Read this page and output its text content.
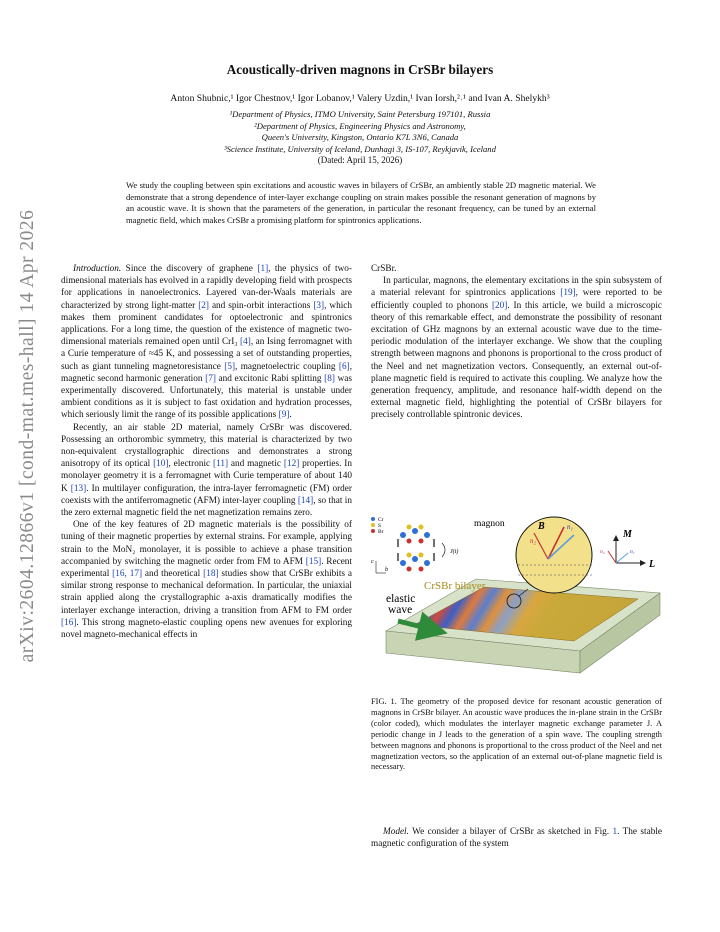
arXiv:2604.12866v1 [cond-mat.mes-hall] 14 Apr 2026
Acoustically-driven magnons in CrSBr bilayers
Anton Shubnic,¹ Igor Chestnov,¹ Igor Lobanov,¹ Valery Uzdin,¹ Ivan Iorsh,²˒¹ and Ivan A. Shelykh³
¹Department of Physics, ITMO University, Saint Petersburg 197101, Russia
²Department of Physics, Engineering Physics and Astronomy,
Queen's University, Kingston, Ontario K7L 3N6, Canada
³Science Institute, University of Iceland, Dunhagi 3, IS-107, Reykjavik, Iceland
(Dated: April 15, 2026)
We study the coupling between spin excitations and acoustic waves in bilayers of CrSBr, an ambiently stable 2D magnetic material. We demonstrate that a strong dependence of inter-layer exchange coupling on strain makes possible the resonant generation of magnons by an acoustic wave. It is shown that the parameters of the generation, in particular the resonant frequency, can be tuned by an external magnetic field, which makes CrSBr a promising platform for spintronics applications.

Introduction. Since the discovery of graphene [1], the physics of two-dimensional materials has evolved in a rapidly developing field with prospects for applications in nanoelectronics. Layered van-der-Waals materials are characterized by strong light-matter [2] and spin-orbit interactions [3], which makes them prominent candidates for optoelectronic and spintronics applications. For a long time, the question of the existence of magnetic two-dimensional materials remained open until CrI₃ [4], an Ising ferromagnet with a Curie temperature of ≈45 K, and possessing a set of outstanding properties, such as giant tunneling magnetoresistance [5], magnetoelectric coupling [6], magnetic second harmonic generation [7] and excitonic Rabi splitting [8] was experimentally discovered. Unfortunately, this material is unstable under ambient conditions as it is subject to fast oxidation and hydration processes, which seriously limit the range of its possible applications [9].

Recently, an air stable 2D material, namely CrSBr was discovered. Possessing an orthorombic symmetry, this material is characterized by two non-equivalent crystallographic directions and demonstrates a strong anisotropy of its optical [10], electronic [11] and magnetic [12] properties. In monolayer geometry it is a ferromagnet with Curie temperature of about 140 K [13]. In multilayer configuration, the intra-layer ferromagnetic (FM) order coexists with the antiferromagnetic (AFM) inter-layer coupling [14], so that in the zero external magnetic field the net magnetization remains zero.

One of the key features of 2D magnetic materials is the possibility of tuning of their magnetic properties by external strains. For example, applying strain to the MoN₂ monolayer, it is possible to achieve a phase transition accompanied by switching the magnetic order from FM to AFM [15]. Recent experimental [16, 17] and theoretical [18] studies show that CrSBr exhibits a similar strong response to mechanical deformation. In particular, the uniaxial strain applied along the crystallographic a-axis dramatically modifies the interlayer exchange interaction, driving a transition from AFM to FM order [16]. This strong magneto-elastic coupling opens new avenues for exploring novel magneto-mechanical effects in

CrSBr.

In particular, magnons, the elementary excitations in the spin subsystem of a material relevant for spintronics applications [19], were reported to be efficiently coupled to phonons [20]. In this article, we build a microscopic theory of this remarkable effect, and demonstrate the possibility of resonant excitation of GHz magnons by an external acoustic wave due to the time-periodic modulation of the interlayer exchange. We show that the coupling strength between magnons and phonons is proportional to the cross product of the Neel and net magnetization vectors. Consequently, an external out-of-plane magnetic field is required to activate this coupling. We analyze how the generation frequency, amplitude, and resonance half-width depend on the external magnetic field, highlighting the potential of CrSBr bilayers for precisely controllable spintronic devices.

J(t)
c
b
Cr
S
Br
magnon	B	n₁
n₂
M
L
n₂	n₁
CrSBr bilayer
elastic
wave
FIG. 1. The geometry of the proposed device for resonant acoustic generation of magnons in CrSBr bilayer. An acoustic wave produces the in-plane strain in the CrSBr (color coded), which modulates the interlayer magnetic exchange parameter J. A periodic change in J leads to the generation of a spin wave. The coupling strength between magnons and phonons is proportional to the cross product of the Neel and net magnetization vectors, so the application of an external out-of-plane magnetic field is necessary.

Model. We consider a bilayer of CrSBr as sketched in Fig. 1. The stable magnetic configuration of the system
